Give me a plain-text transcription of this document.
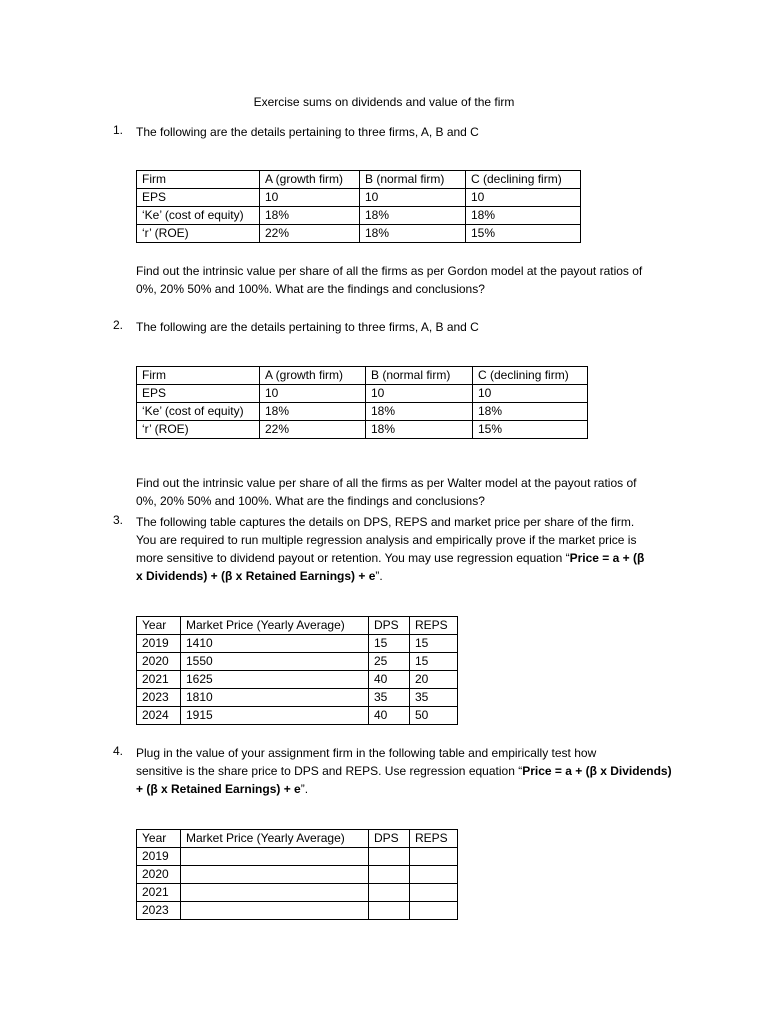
Exercise sums on dividends and value of the firm
1. The following are the details pertaining to three firms, A, B and C
Firm	A (growth firm)	B (normal firm)	C (declining firm)
EPS	10	10	10
‘Ke’ (cost of equity)	18%	18%	18%
‘r’ (ROE)	22%	18%	15%
Find out the intrinsic value per share of all the firms as per Gordon model at the payout ratios of
0%, 20% 50% and 100%. What are the findings and conclusions?
2. The following are the details pertaining to three firms, A, B and C
Firm	A (growth firm)	B (normal firm)	C (declining firm)
EPS	10	10	10
‘Ke’ (cost of equity)	18%	18%	18%
‘r’ (ROE)	22%	18%	15%
Find out the intrinsic value per share of all the firms as per Walter model at the payout ratios of
0%, 20% 50% and 100%. What are the findings and conclusions?
3. The following table captures the details on DPS, REPS and market price per share of the firm.
You are required to run multiple regression analysis and empirically prove if the market price is
more sensitive to dividend payout or retention. You may use regression equation “Price = a + (β
x Dividends) + (β x Retained Earnings) + e”.
Year	Market Price (Yearly Average)	DPS	REPS
2019	1410	15	15
2020	1550	25	15
2021	1625	40	20
2023	1810	35	35
2024	1915	40	50
4. Plug in the value of your assignment firm in the following table and empirically test how
sensitive is the share price to DPS and REPS. Use regression equation “Price = a + (β x Dividends)
+ (β x Retained Earnings) + e”.
Year	Market Price (Yearly Average)	DPS	REPS
2019			
2020			
2021			
2023			
